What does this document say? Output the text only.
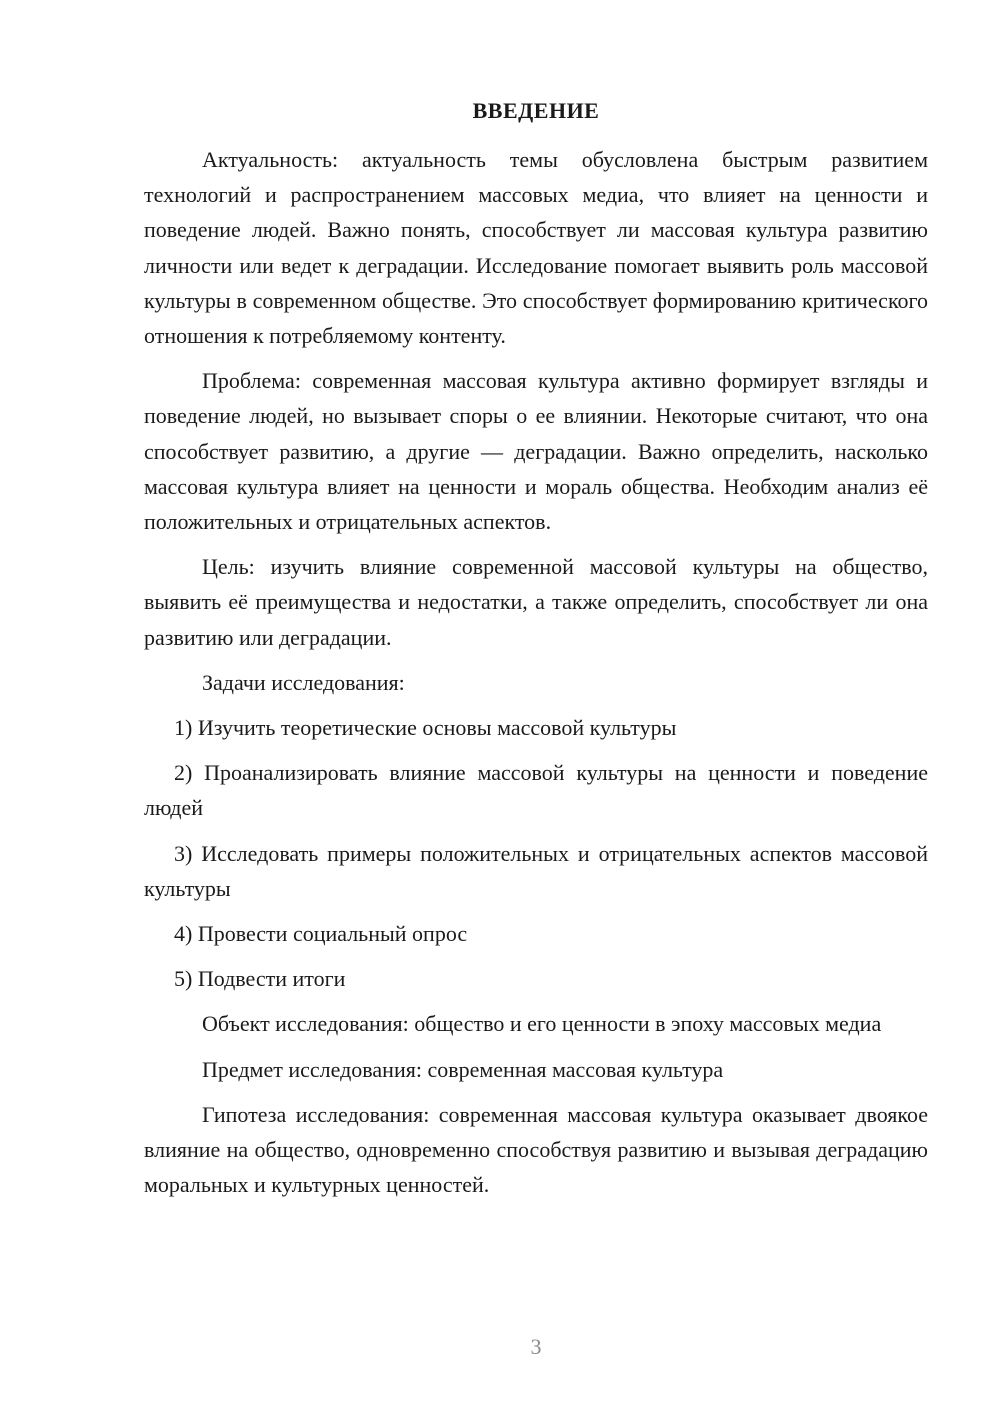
ВВЕДЕНИЕ

Актуальность: актуальность темы обусловлена быстрым развитием технологий и распространением массовых медиа, что влияет на ценности и поведение людей. Важно понять, способствует ли массовая культура развитию личности или ведет к деградации. Исследование помогает выявить роль массовой культуры в современном обществе. Это способствует формированию критического отношения к потребляемому контенту.

Проблема: современная массовая культура активно формирует взгляды и поведение людей, но вызывает споры о ее влиянии. Некоторые считают, что она способствует развитию, а другие — деградации. Важно определить, насколько массовая культура влияет на ценности и мораль общества. Необходим анализ её положительных и отрицательных аспектов.

Цель: изучить влияние современной массовой культуры на общество, выявить её преимущества и недостатки, а также определить, способствует ли она развитию или деградации.

Задачи исследования:

1) Изучить теоретические основы массовой культуры

2) Проанализировать влияние массовой культуры на ценности и поведение людей

3) Исследовать примеры положительных и отрицательных аспектов массовой культуры

4) Провести социальный опрос

5) Подвести итоги

Объект исследования: общество и его ценности в эпоху массовых медиа

Предмет исследования: современная массовая культура

Гипотеза исследования: современная массовая культура оказывает двоякое влияние на общество, одновременно способствуя развитию и вызывая деградацию моральных и культурных ценностей.

3
